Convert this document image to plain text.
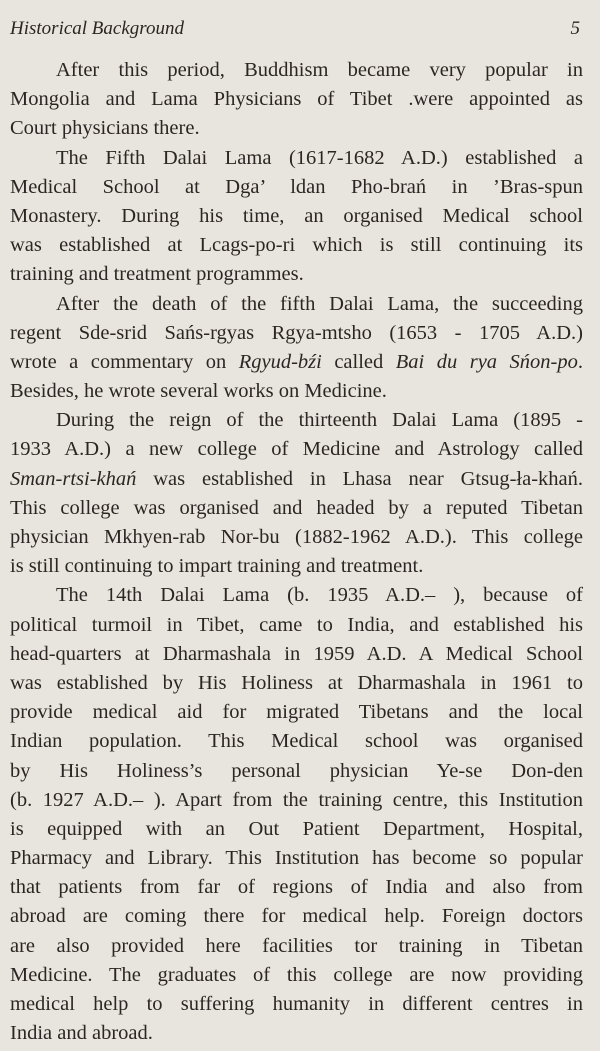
Historical Background	5
After this period, Buddhism became very popular in
Mongolia and Lama Physicians of Tibet .were appointed as
Court physicians there.
The Fifth Dalai Lama (1617-1682 A.D.) established a
Medical School at Dga’ ldan Pho-brań in ’Bras-spun
Monastery. During his time, an organised Medical school
was established at Lcags-po-ri which is still continuing its
training and treatment programmes.
After the death of the fifth Dalai Lama, the succeeding
regent Sde-srid Sańs-rgyas Rgya-mtsho (1653 - 1705 A.D.)
wrote a commentary on Rgyud-bźi called Bai du rya Sńon-po.
Besides, he wrote several works on Medicine.
During the reign of the thirteenth Dalai Lama (1895 -
1933 A.D.) a new college of Medicine and Astrology called
Sman-rtsi-khań was established in Lhasa near Gtsug-ła-khań.
This college was organised and headed by a reputed Tibetan
physician Mkhyen-rab Nor-bu (1882-1962 A.D.). This college
is still continuing to impart training and treatment.
The 14th Dalai Lama (b. 1935 A.D.– ), because of
political turmoil in Tibet, came to India, and established his
head-quarters at Dharmashala in 1959 A.D. A Medical School
was established by His Holiness at Dharmashala in 1961 to
provide medical aid for migrated Tibetans and the local
Indian population. This Medical school was organised
by His Holiness’s personal physician Ye-se Don-den
(b. 1927 A.D.– ). Apart from the training centre, this Institution
is equipped with an Out Patient Department, Hospital,
Pharmacy and Library. This Institution has become so popular
that patients from far of regions of India and also from
abroad are coming there for medical help. Foreign doctors
are also provided here facilities tor training in Tibetan
Medicine. The graduates of this college are now providing
medical help to suffering humanity in different centres in
India and abroad.
